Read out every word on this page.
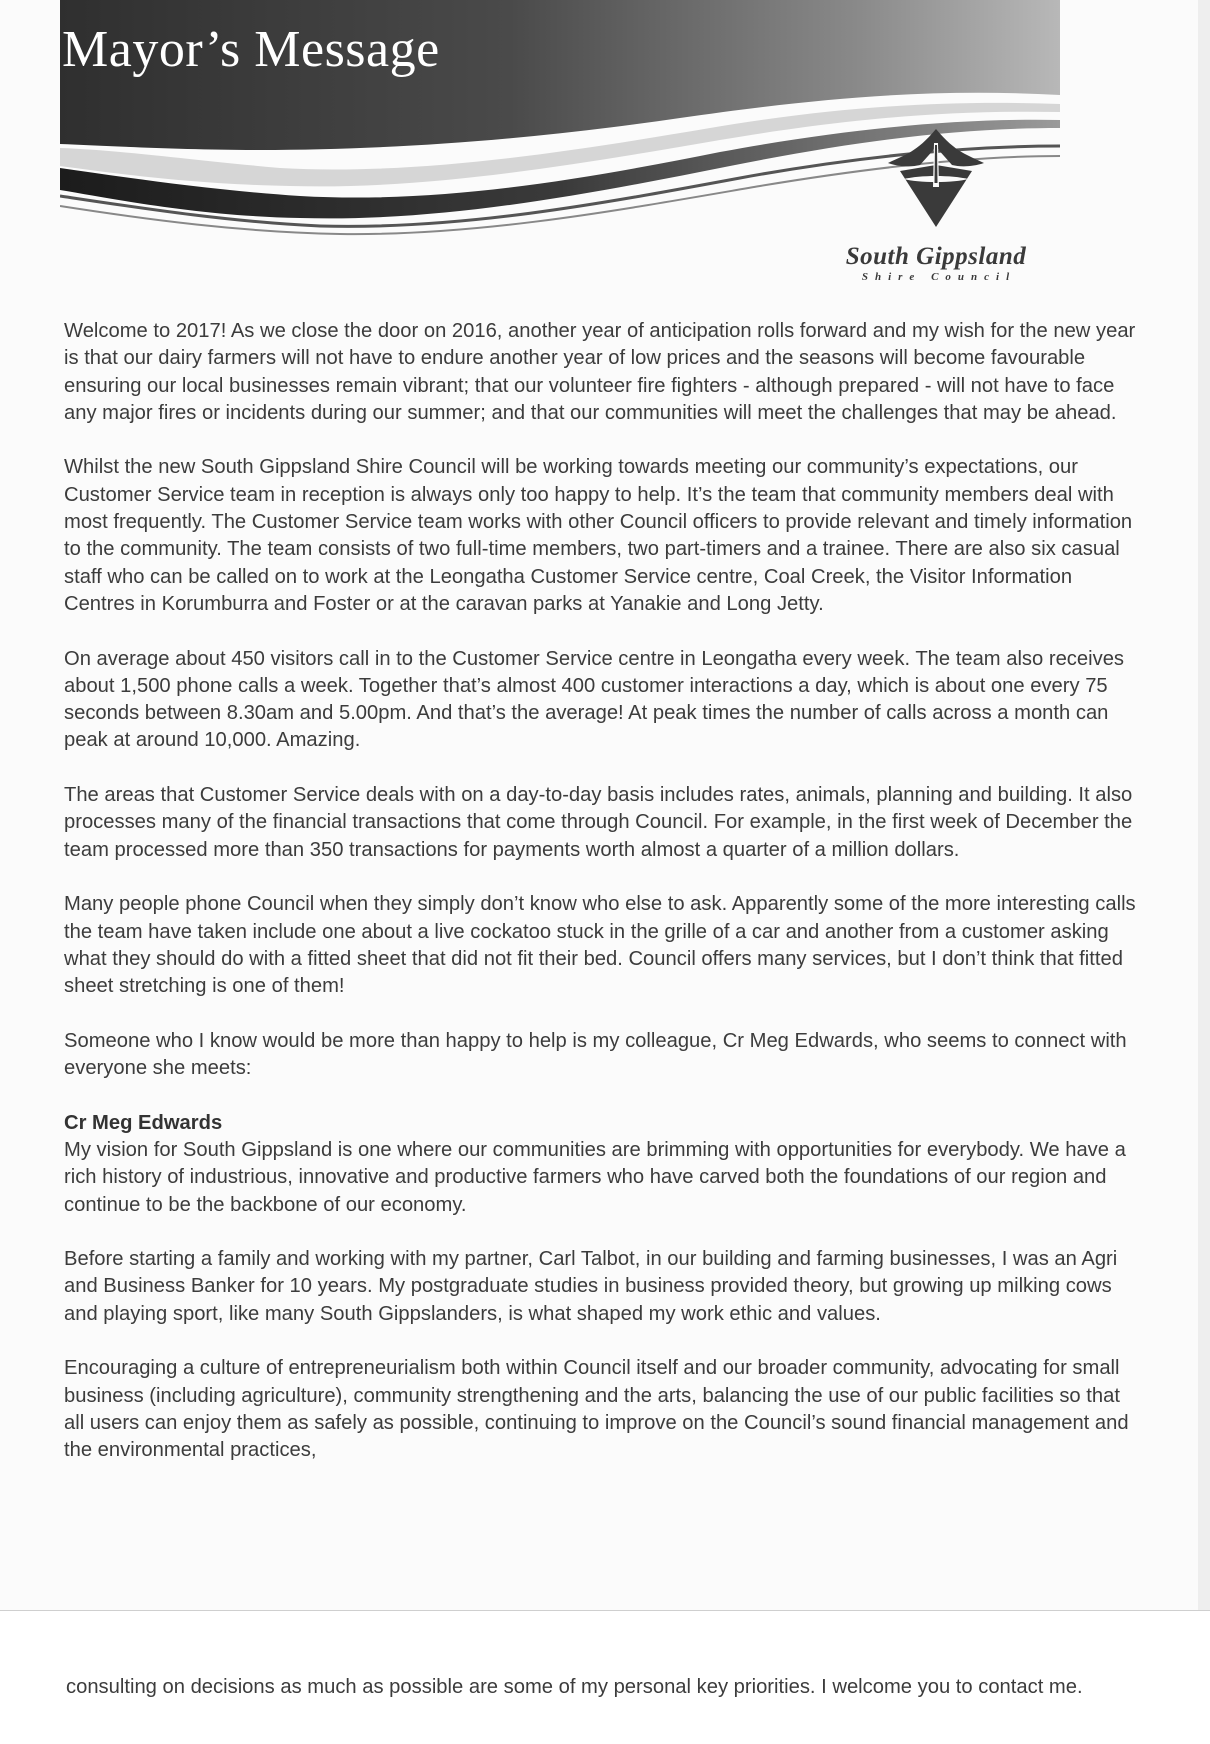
Mayor’s Message
South Gippsland
Shire Council

Welcome to 2017! As we close the door on 2016, another year of anticipation rolls forward and my wish for the new year is that our dairy farmers will not have to endure another year of low prices and the seasons will become favourable ensuring our local businesses remain vibrant; that our volunteer fire fighters - although prepared - will not have to face any major fires or incidents during our summer; and that our communities will meet the challenges that may be ahead.

Whilst the new South Gippsland Shire Council will be working towards meeting our community’s expectations, our Customer Service team in reception is always only too happy to help. It’s the team that community members deal with most frequently. The Customer Service team works with other Council officers to provide relevant and timely information to the community. The team consists of two full-time members, two part-timers and a trainee. There are also six casual staff who can be called on to work at the Leongatha Customer Service centre, Coal Creek, the Visitor Information Centres in Korumburra and Foster or at the caravan parks at Yanakie and Long Jetty.

On average about 450 visitors call in to the Customer Service centre in Leongatha every week. The team also receives about 1,500 phone calls a week. Together that’s almost 400 customer interactions a day, which is about one every 75 seconds between 8.30am and 5.00pm. And that’s the average! At peak times the number of calls across a month can peak at around 10,000. Amazing.

The areas that Customer Service deals with on a day-to-day basis includes rates, animals, planning and building. It also processes many of the financial transactions that come through Council. For example, in the first week of December the team processed more than 350 transactions for payments worth almost a quarter of a million dollars.

Many people phone Council when they simply don’t know who else to ask. Apparently some of the more interesting calls the team have taken include one about a live cockatoo stuck in the grille of a car and another from a customer asking what they should do with a fitted sheet that did not fit their bed. Council offers many services, but I don’t think that fitted sheet stretching is one of them!

Someone who I know would be more than happy to help is my colleague, Cr Meg Edwards, who seems to connect with everyone she meets:

Cr Meg Edwards

My vision for South Gippsland is one where our communities are brimming with opportunities for everybody. We have a rich history of industrious, innovative and productive farmers who have carved both the foundations of our region and continue to be the backbone of our economy.

Before starting a family and working with my partner, Carl Talbot, in our building and farming businesses, I was an Agri and Business Banker for 10 years. My postgraduate studies in business provided theory, but growing up milking cows and playing sport, like many South Gippslanders, is what shaped my work ethic and values.

Encouraging a culture of entrepreneurialism both within Council itself and our broader community, advocating for small business (including agriculture), community strengthening and the arts, balancing the use of our public facilities so that all users can enjoy them as safely as possible, continuing to improve on the Council’s sound financial management and the environmental practices,

consulting on decisions as much as possible are some of my personal key priorities. I welcome you to contact me.
